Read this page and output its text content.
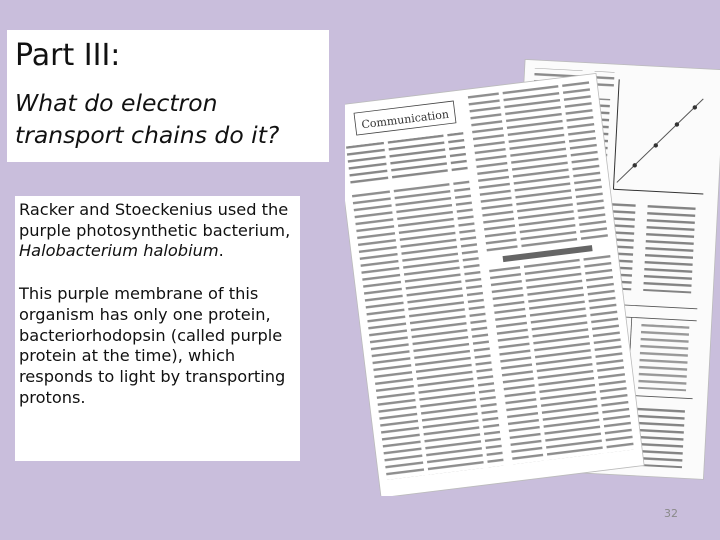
Part III:
What do electron transport chains do it?

Racker and Stoeckenius used the purple photosynthetic bacterium, Halobacterium halobium.

This purple membrane of this organism has only one protein, bacteriorhodopsin (called purple protein at the time), which responds to light by transporting protons.

Communication
32
